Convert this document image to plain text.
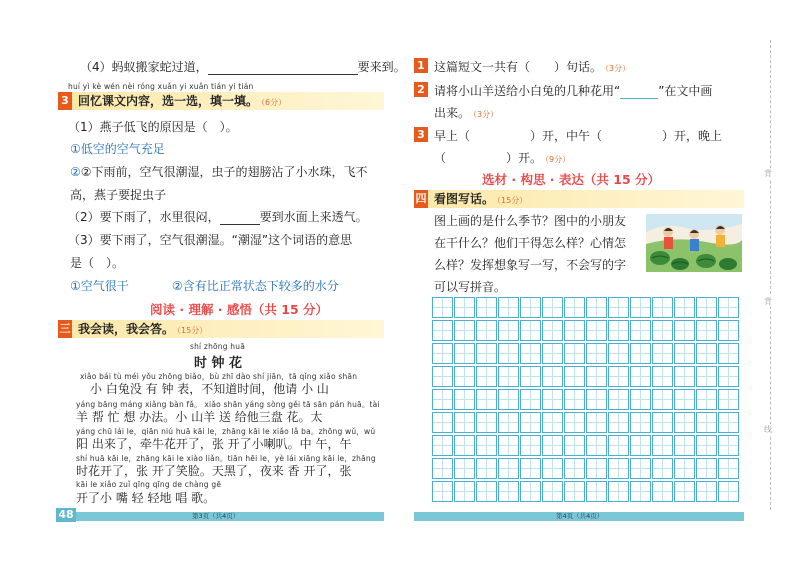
（4）蚂蚁搬家蛇过道，	要来到。
huí yì kè wén nèi róng xuǎn yi xuǎn tián yi tián
3 回忆课文内容，选一选，填一填。 （6分）
（1）燕子低飞的原因是（　）。
①低空的空气充足
②②下雨前，空气很潮湿，虫子的翅膀沾了小水珠，飞不
高，燕子要捉虫子
（2）要下雨了，水里很闷，	要到水面上来透气。
（3）要下雨了，空气很潮湿。“潮湿”这个词语的意思
是（　）。
①空气很干	②含有比正常状态下较多的水分
阅读 · 理解 · 感悟（共 15 分）
三 我会读，我会答。 （15分）
shí zhōng huā
时 钟 花
xiǎo bái tù méi yǒu zhōng biǎo，bù zhī dào shí jiān，tā qǐng xiǎo shān
小 白兔没 有 钟 表，不知道时间，他请 小 山
yáng bāng máng xiǎng bàn fǎ。 xiǎo shān yáng sòng gěi tā sān pán huā。tài
羊 帮 忙 想 办法。小 山羊 送 给他三盘 花。太
yáng chū lái le，qiān niú huā kāi le，zhāng kāi le xiǎo lǎ ba。zhōng wǔ，wǔ
阳 出来了，牵牛花开了，张 开了小喇叭。中 午，午
shí huā kāi le，zhāng kāi le xiào liǎn。tiān hēi le，yè lái xiāng kāi le，zhāng
时花开了，张 开了笑脸。天黑了，夜来 香 开了，张
kāi le xiǎo zuǐ qīng qīng de chàng gē
开了小 嘴 轻 轻地 唱 歌。
48	第3页（共4页）
1 这篇短文一共有（　　）句话。 （3分）
2 请将小山羊送给小白兔的几种花用“	”在文中画
出来。 （3分）
3 早上（　　　　　）开，中午（　　　　　）开，晚上
（　　　　　）开。 （9分）
选材 · 构思 · 表达（共 15 分）
四 看图写话。 （15分）
图上画的是什么季节？图中的小朋友
在干什么？他们干得怎么样？心情怎
么样？发挥想象写一写，不会写的字
可以写拼音。
第4页（共4页）
背
背
线
